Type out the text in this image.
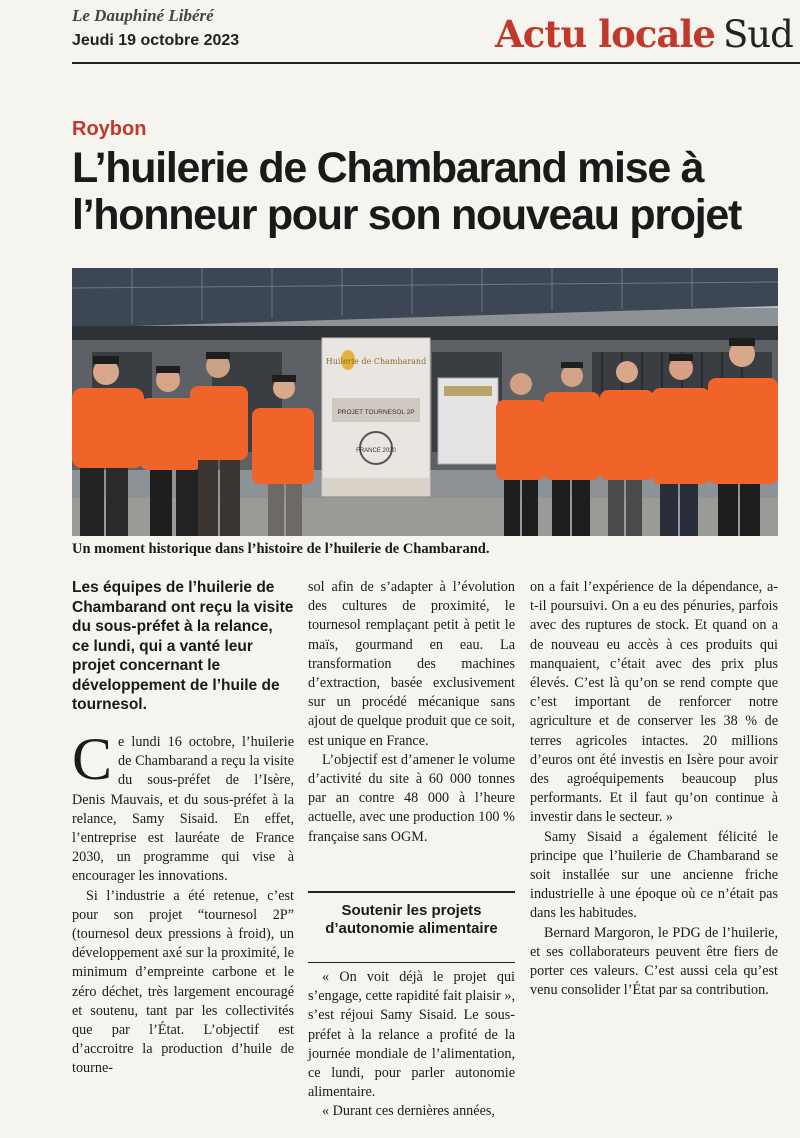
Le Dauphiné Libéré
Jeudi 19 octobre 2023	Actu locale Sud
Roybon
L’huilerie de Chambarand mise à l’honneur pour son nouveau projet
Huilerie de Chambarand
PROJET TOURNESOL 2P
FRANCE 2030
Un moment historique dans l’histoire de l’huilerie de Chambarand.
Les équipes de l’huilerie de Chambarand ont reçu la visite du sous-préfet à la relance, ce lundi, qui a vanté leur projet concernant le développement de l’huile de tournesol.

Ce lundi 16 octobre, l’huilerie de Chambarand a reçu la visite du sous-préfet de l’Isère, Denis Mauvais, et du sous-préfet à la relance, Samy Sisaid. En effet, l’entreprise est lauréate de France 2030, un programme qui vise à encourager les innovations.

Si l’industrie a été retenue, c’est pour son projet “tournesol 2P” (tournesol deux pressions à froid), un développement axé sur la proximité, le minimum d’empreinte carbone et le zéro déchet, très largement encouragé et soutenu, tant par les collectivités que par l’État. L’objectif est d’accroitre la production d’huile de tourne-

sol afin de s’adapter à l’évolution des cultures de proximité, le tournesol remplaçant petit à petit le maïs, gourmand en eau. La transformation des machines d’extraction, basée exclusivement sur un procédé mécanique sans ajout de quelque produit que ce soit, est unique en France.

L’objectif est d’amener le volume d’activité du site à 60 000 tonnes par an contre 48 000 à l’heure actuelle, avec une production 100 % française sans OGM.

Soutenir les projets d’autonomie alimentaire

« On voit déjà le projet qui s’engage, cette rapidité fait plaisir », s’est réjoui Samy Sisaid. Le sous-préfet à la relance a profité de la journée mondiale de l’alimentation, ce lundi, pour parler autonomie alimentaire.

« Durant ces dernières années,

on a fait l’expérience de la dépendance, a-t-il poursuivi. On a eu des pénuries, parfois avec des ruptures de stock. Et quand on a de nouveau eu accès à ces produits qui manquaient, c’était avec des prix plus élevés. C’est là qu’on se rend compte que c’est important de renforcer notre agriculture et de conserver les 38 % de terres agricoles intactes. 20 millions d’euros ont été investis en Isère pour avoir des agroéquipements beaucoup plus performants. Et il faut qu’on continue à investir dans le secteur. »

Samy Sisaid a également félicité le principe que l’huilerie de Chambarand se soit installée sur une ancienne friche industrielle à une époque où ce n’était pas dans les habitudes.

Bernard Margoron, le PDG de l’huilerie, et ses collaborateurs peuvent être fiers de porter ces valeurs. C’est aussi cela qu’est venu consolider l’État par sa contribution.
